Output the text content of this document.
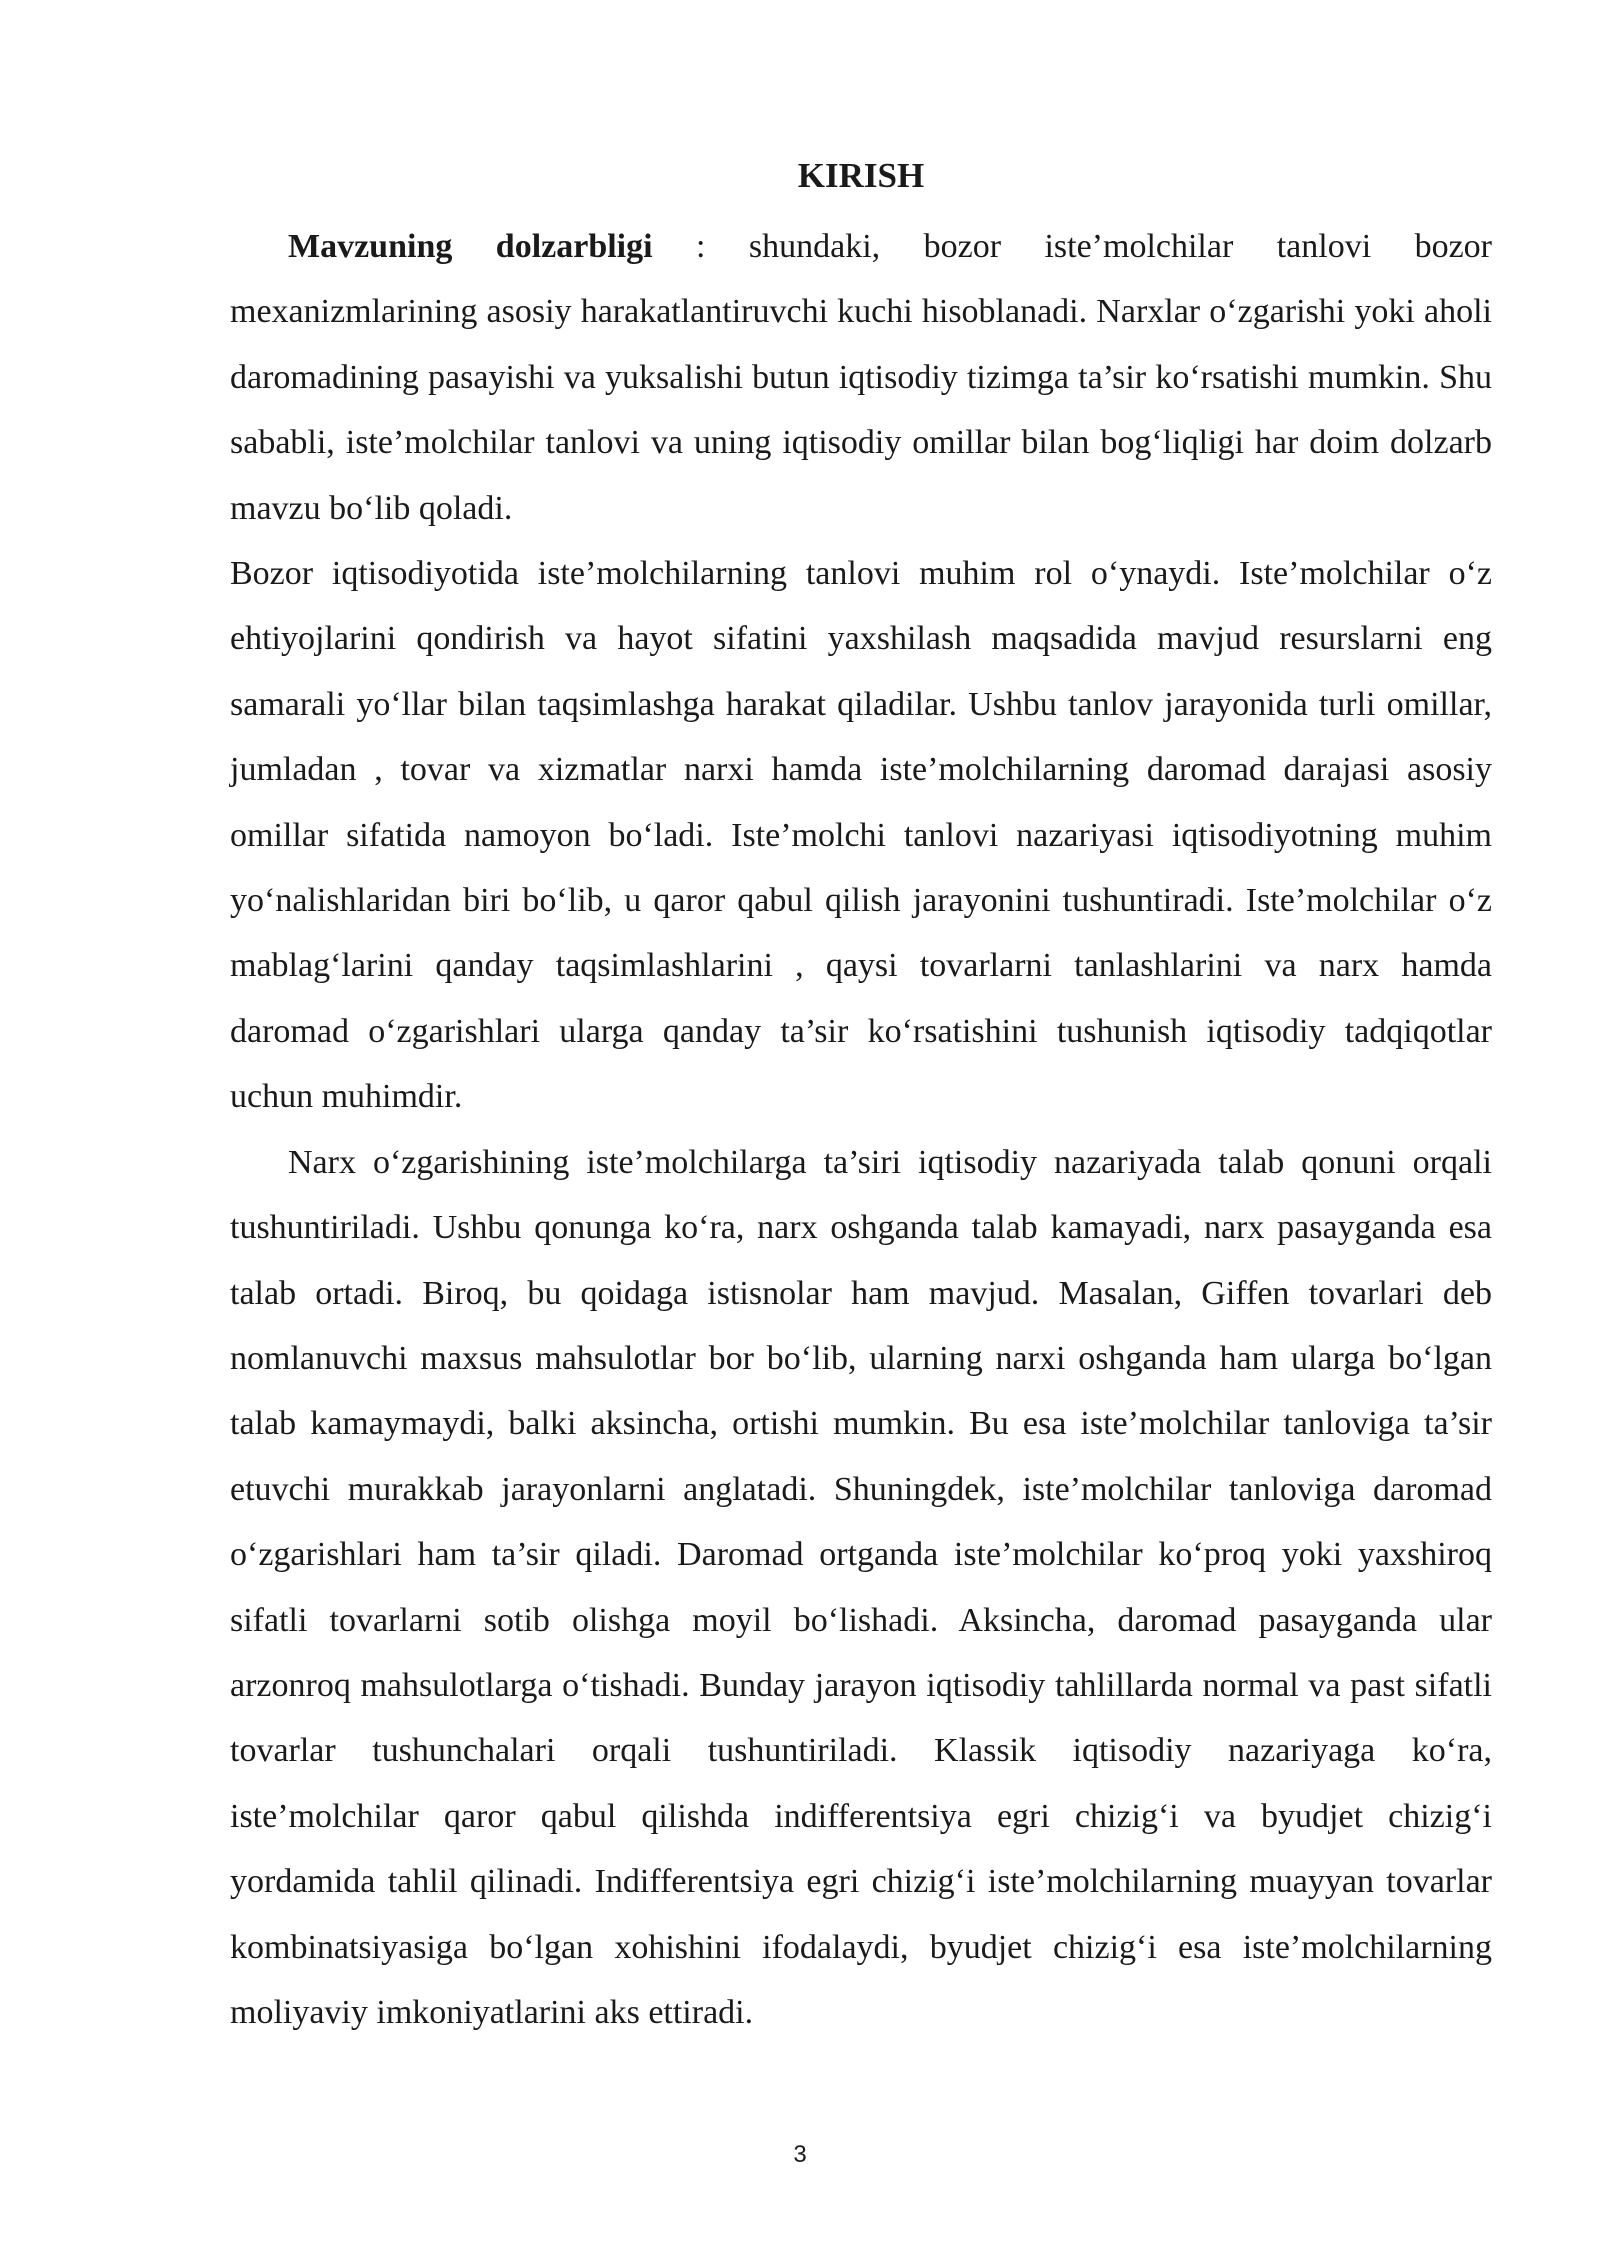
KIRISH

Mavzuning dolzarbligi : shundaki, bozor iste’molchilar tanlovi bozor mexanizmlarining asosiy harakatlantiruvchi kuchi hisoblanadi. Narxlar o‘zgarishi yoki aholi daromadining pasayishi va yuksalishi butun iqtisodiy tizimga ta’sir ko‘rsatishi mumkin. Shu sababli, iste’molchilar tanlovi va uning iqtisodiy omillar bilan bog‘liqligi har doim dolzarb mavzu bo‘lib qoladi.

Bozor iqtisodiyotida iste’molchilarning tanlovi muhim rol o‘ynaydi. Iste’molchilar o‘z ehtiyojlarini qondirish va hayot sifatini yaxshilash maqsadida mavjud resurslarni eng samarali yo‘llar bilan taqsimlashga harakat qiladilar. Ushbu tanlov jarayonida turli omillar, jumladan , tovar va xizmatlar narxi hamda iste’molchilarning daromad darajasi asosiy omillar sifatida namoyon bo‘ladi. Iste’molchi tanlovi nazariyasi iqtisodiyotning muhim yo‘nalishlaridan biri bo‘lib, u qaror qabul qilish jarayonini tushuntiradi. Iste’molchilar o‘z mablag‘larini qanday taqsimlashlarini , qaysi tovarlarni tanlashlarini va narx hamda daromad o‘zgarishlari ularga qanday ta’sir ko‘rsatishini tushunish iqtisodiy tadqiqotlar uchun muhimdir.

Narx o‘zgarishining iste’molchilarga ta’siri iqtisodiy nazariyada talab qonuni orqali tushuntiriladi. Ushbu qonunga ko‘ra, narx oshganda talab kamayadi, narx pasayganda esa talab ortadi. Biroq, bu qoidaga istisnolar ham mavjud. Masalan, Giffen tovarlari deb nomlanuvchi maxsus mahsulotlar bor bo‘lib, ularning narxi oshganda ham ularga bo‘lgan talab kamaymaydi, balki aksincha, ortishi mumkin. Bu esa iste’molchilar tanloviga ta’sir etuvchi murakkab jarayonlarni anglatadi. Shuningdek, iste’molchilar tanloviga daromad o‘zgarishlari ham ta’sir qiladi. Daromad ortganda iste’molchilar ko‘proq yoki yaxshiroq sifatli tovarlarni sotib olishga moyil bo‘lishadi. Aksincha, daromad pasayganda ular arzonroq mahsulotlarga o‘tishadi. Bunday jarayon iqtisodiy tahlillarda normal va past sifatli tovarlar tushunchalari orqali tushuntiriladi. Klassik iqtisodiy nazariyaga ko‘ra, iste’molchilar qaror qabul qilishda indifferentsiya egri chizig‘i va byudjet chizig‘i yordamida tahlil qilinadi. Indifferentsiya egri chizig‘i iste’molchilarning muayyan tovarlar kombinatsiyasiga bo‘lgan xohishini ifodalaydi, byudjet chizig‘i esa iste’molchilarning moliyaviy imkoniyatlarini aks ettiradi.

3
